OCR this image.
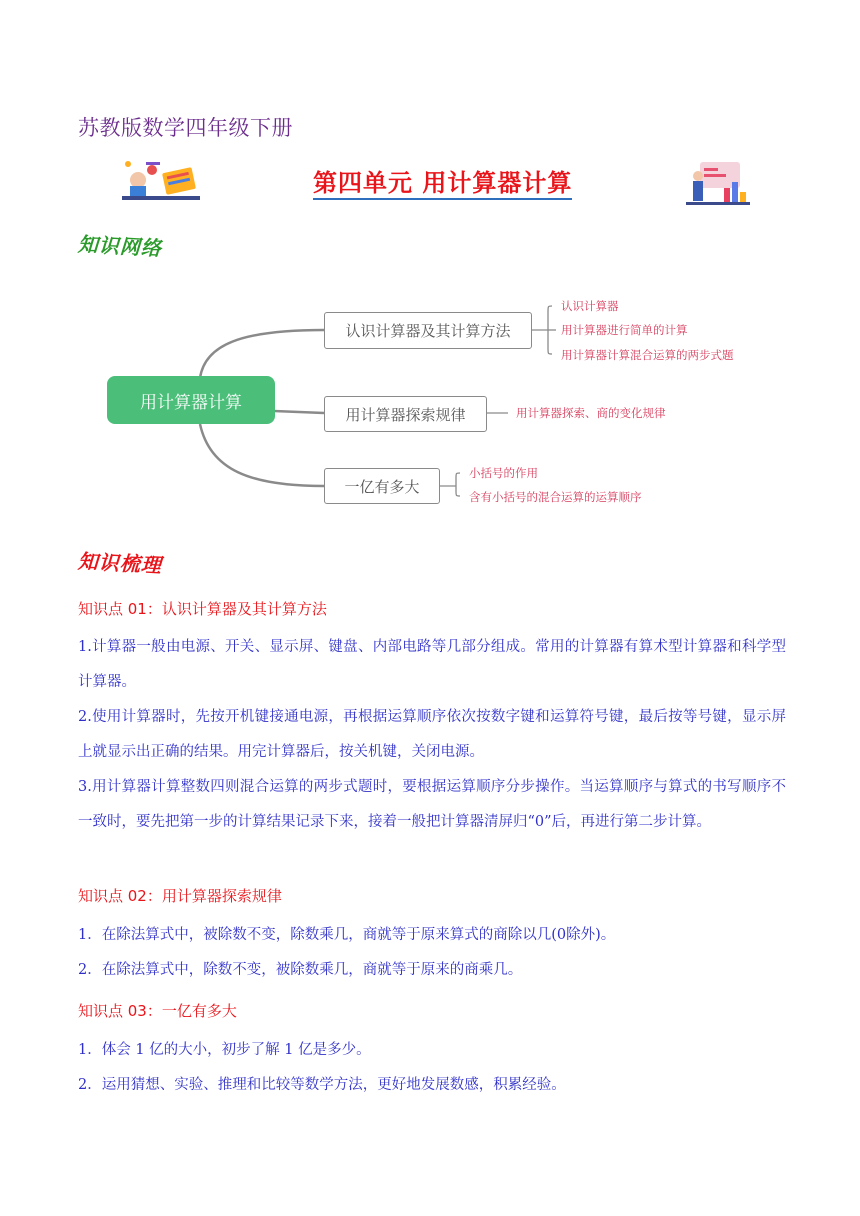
苏教版数学四年级下册
第四单元 用计算器计算
知识网络
用计算器计算
认识计算器及其计算方法
用计算器探索规律
一亿有多大
认识计算器
用计算器进行简单的计算
用计算器计算混合运算的两步式题
用计算器探索、商的变化规律
小括号的作用
含有小括号的混合运算的运算顺序
知识梳理
知识点 01：认识计算器及其计算方法
1.计算器一般由电源、开关、显示屏、键盘、内部电路等几部分组成。常用的计算器有算术型计算器和科学型计算器。
2.使用计算器时，先按开机键接通电源，再根据运算顺序依次按数字键和运算符号键，最后按等号键，显示屏上就显示出正确的结果。用完计算器后，按关机键，关闭电源。
3.用计算器计算整数四则混合运算的两步式题时，要根据运算顺序分步操作。当运算顺序与算式的书写顺序不一致时，要先把第一步的计算结果记录下来，接着一般把计算器清屏归“0”后，再进行第二步计算。
知识点 02：用计算器探索规律
1．在除法算式中，被除数不变，除数乘几，商就等于原来算式的商除以几(0除外)。
2．在除法算式中，除数不变，被除数乘几，商就等于原来的商乘几。
知识点 03：一亿有多大
1．体会 1 亿的大小，初步了解 1 亿是多少。
2．运用猜想、实验、推理和比较等数学方法，更好地发展数感，积累经验。
